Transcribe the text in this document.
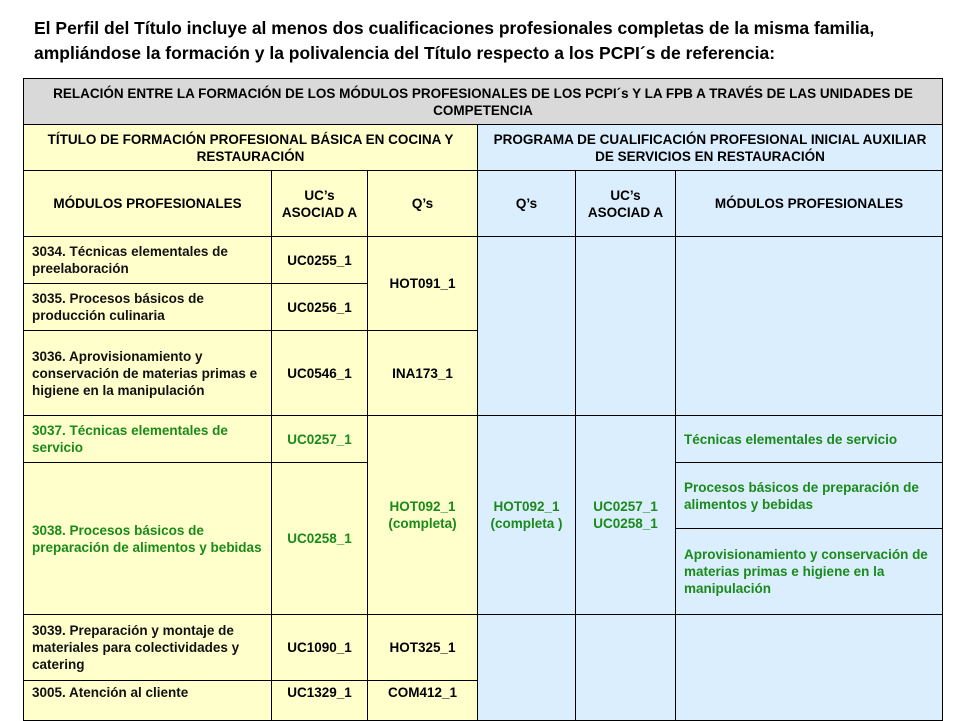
El Perfil del Título incluye al menos dos cualificaciones profesionales completas de la misma familia, ampliándose la formación y la polivalencia del Título respecto a los PCPI´s de referencia:
RELACIÓN ENTRE LA FORMACIÓN DE LOS MÓDULOS PROFESIONALES DE LOS PCPI´s Y LA FPB A TRAVÉS DE LAS UNIDADES DE COMPETENCIA					
TÍTULO DE FORMACIÓN PROFESIONAL BÁSICA EN COCINA Y RESTAURACIÓN			PROGRAMA DE CUALIFICACIÓN PROFESIONAL INICIAL AUXILIAR DE SERVICIOS EN RESTAURACIÓN		
MÓDULOS PROFESIONALES	UC’s ASOCIAD A	Q’s	Q’s	UC’s ASOCIAD A	MÓDULOS PROFESIONALES
3034. Técnicas elementales de preelaboración	UC0255_1	HOT091_1			
3035. Procesos básicos de producción culinaria	UC0256_1				
3036. Aprovisionamiento y conservación de materias primas e higiene en la manipulación	UC0546_1	INA173_1			
3037. Técnicas elementales de servicio	UC0257_1	HOT092_1 (completa)	HOT092_1 (completa )	UC0257_1 UC0258_1	Técnicas elementales de servicio
3038. Procesos básicos de preparación de alimentos y bebidas	UC0258_1				Procesos básicos de preparación de alimentos y bebidas
					Aprovisionamiento y conservación de materias primas e higiene en la manipulación
3039. Preparación y montaje de materiales para colectividades y catering	UC1090_1	HOT325_1			
3005. Atención al cliente	UC1329_1	COM412_1			
